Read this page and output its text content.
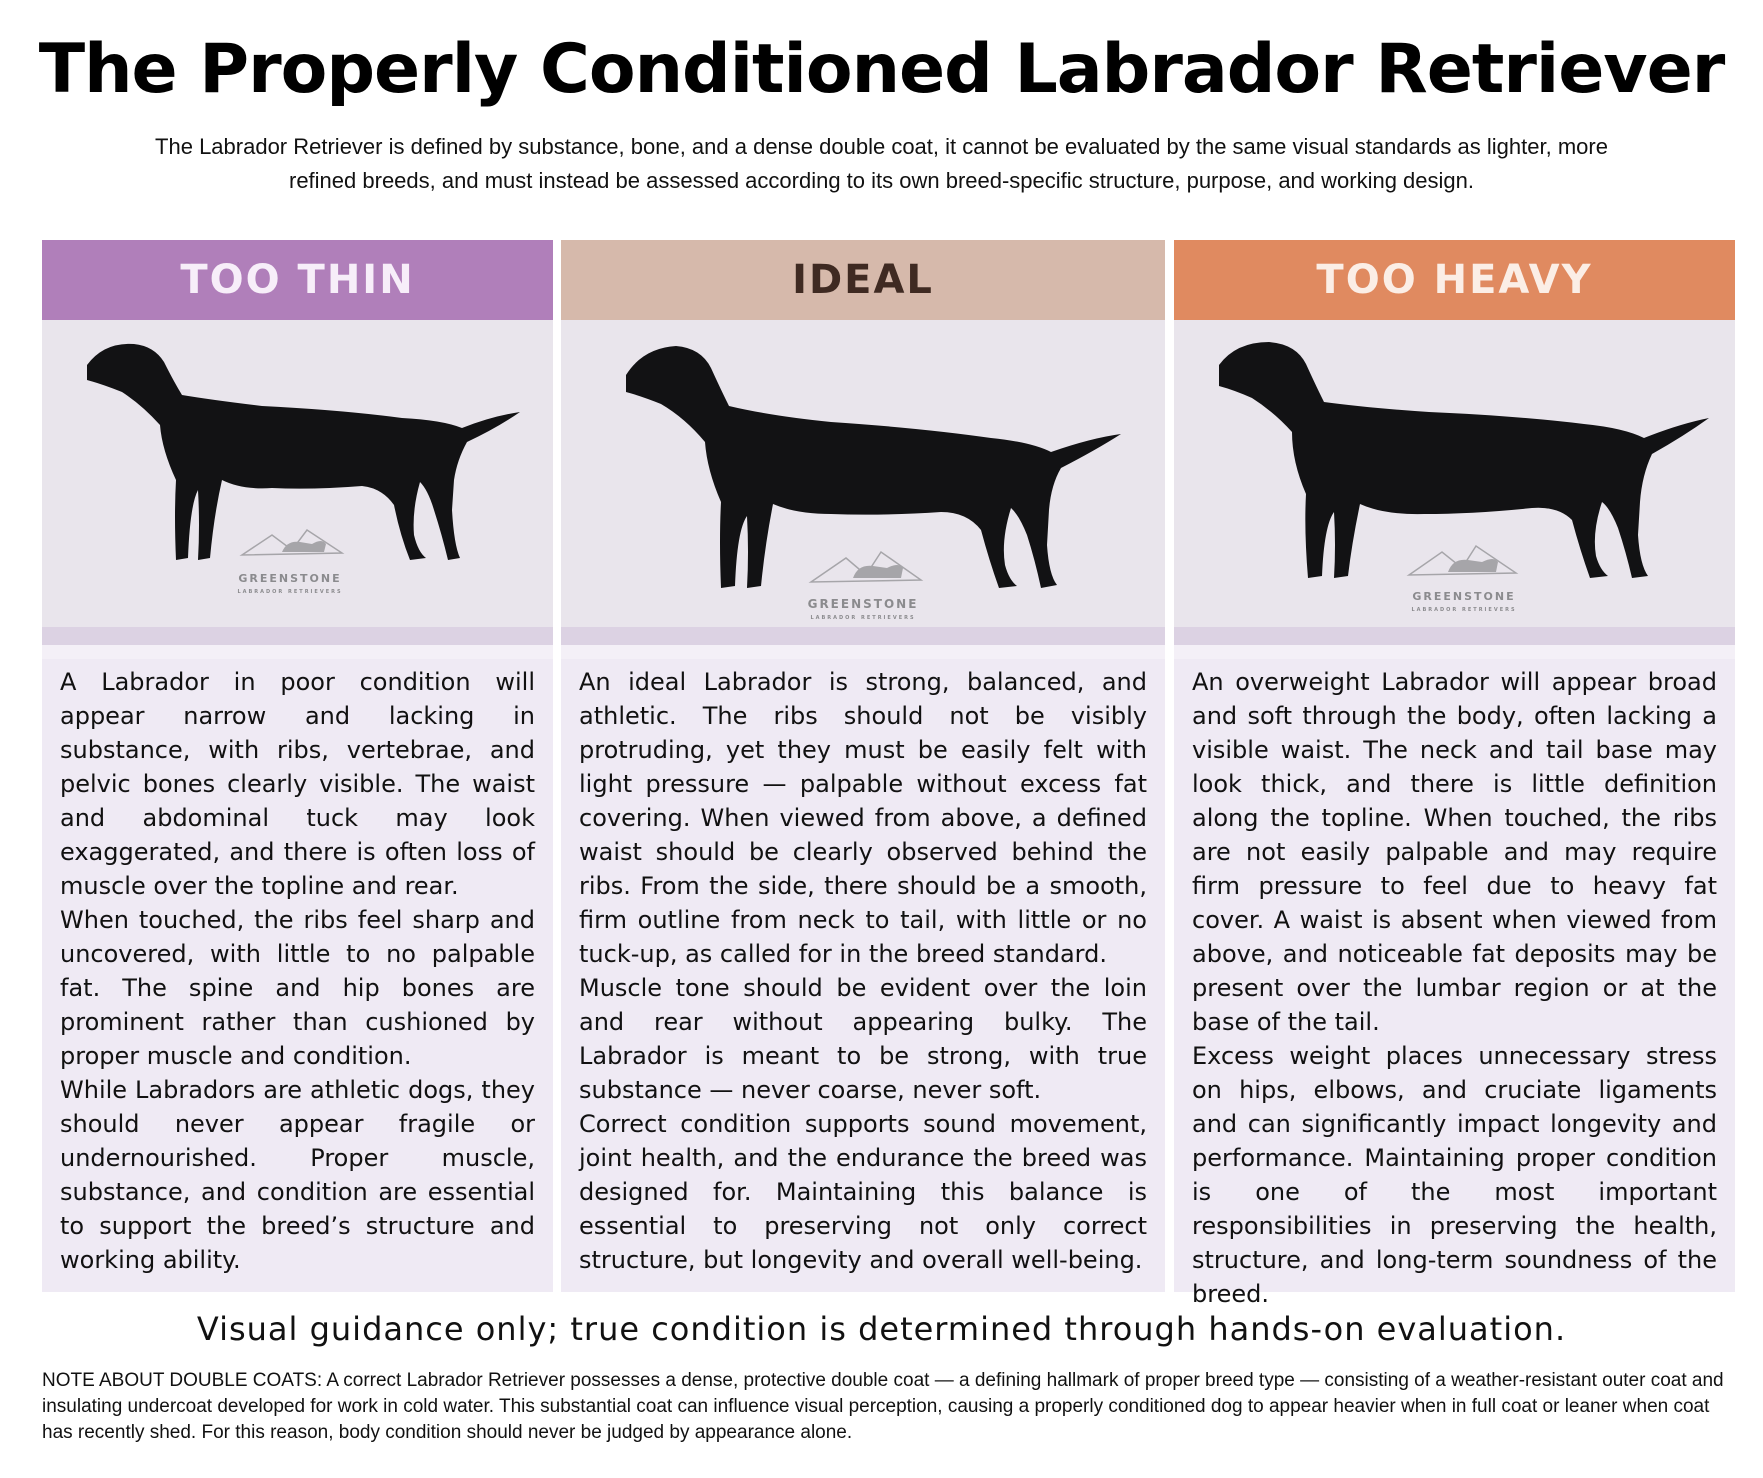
The Properly Conditioned Labrador Retriever

The Labrador Retriever is defined by substance, bone, and a dense double coat, it cannot be evaluated by the same visual standards as lighter, more refined breeds, and must instead be assessed according to its own breed-specific structure, purpose, and working design.

TOO THIN
GREENSTONE
LABRADOR RETRIEVERS

A Labrador in poor condition will appear narrow and lacking in substance, with ribs, vertebrae, and pelvic bones clearly visible. The waist and abdominal tuck may look exaggerated, and there is often loss of muscle over the topline and rear.

When touched, the ribs feel sharp and uncovered, with little to no palpable fat. The spine and hip bones are prominent rather than cushioned by proper muscle and condition.

While Labradors are athletic dogs, they should never appear fragile or undernourished. Proper muscle, substance, and condition are essential to support the breed’s structure and working ability.

IDEAL
GREENSTONE
LABRADOR RETRIEVERS

An ideal Labrador is strong, balanced, and athletic. The ribs should not be visibly protruding, yet they must be easily felt with light pressure — palpable without excess fat covering. When viewed from above, a defined waist should be clearly observed behind the ribs. From the side, there should be a smooth, firm outline from neck to tail, with little or no tuck-up, as called for in the breed standard.

Muscle tone should be evident over the loin and rear without appearing bulky. The Labrador is meant to be strong, with true substance — never coarse, never soft.

Correct condition supports sound movement, joint health, and the endurance the breed was designed for. Maintaining this balance is essential to preserving not only correct structure, but longevity and overall well-being.

TOO HEAVY
GREENSTONE
LABRADOR RETRIEVERS

An overweight Labrador will appear broad and soft through the body, often lacking a visible waist. The neck and tail base may look thick, and there is little definition along the topline. When touched, the ribs are not easily palpable and may require firm pressure to feel due to heavy fat cover. A waist is absent when viewed from above, and noticeable fat deposits may be present over the lumbar region or at the base of the tail.

Excess weight places unnecessary stress on hips, elbows, and cruciate ligaments and can significantly impact longevity and performance. Maintaining proper condition is one of the most important responsibilities in preserving the health, structure, and long-term soundness of the breed.

Visual guidance only; true condition is determined through hands-on evaluation.

NOTE ABOUT DOUBLE COATS: A correct Labrador Retriever possesses a dense, protective double coat — a defining hallmark of proper breed type — consisting of a weather-resistant outer coat and insulating undercoat developed for work in cold water. This substantial coat can influence visual perception, causing a properly conditioned dog to appear heavier when in full coat or leaner when coat has recently shed. For this reason, body condition should never be judged by appearance alone.
